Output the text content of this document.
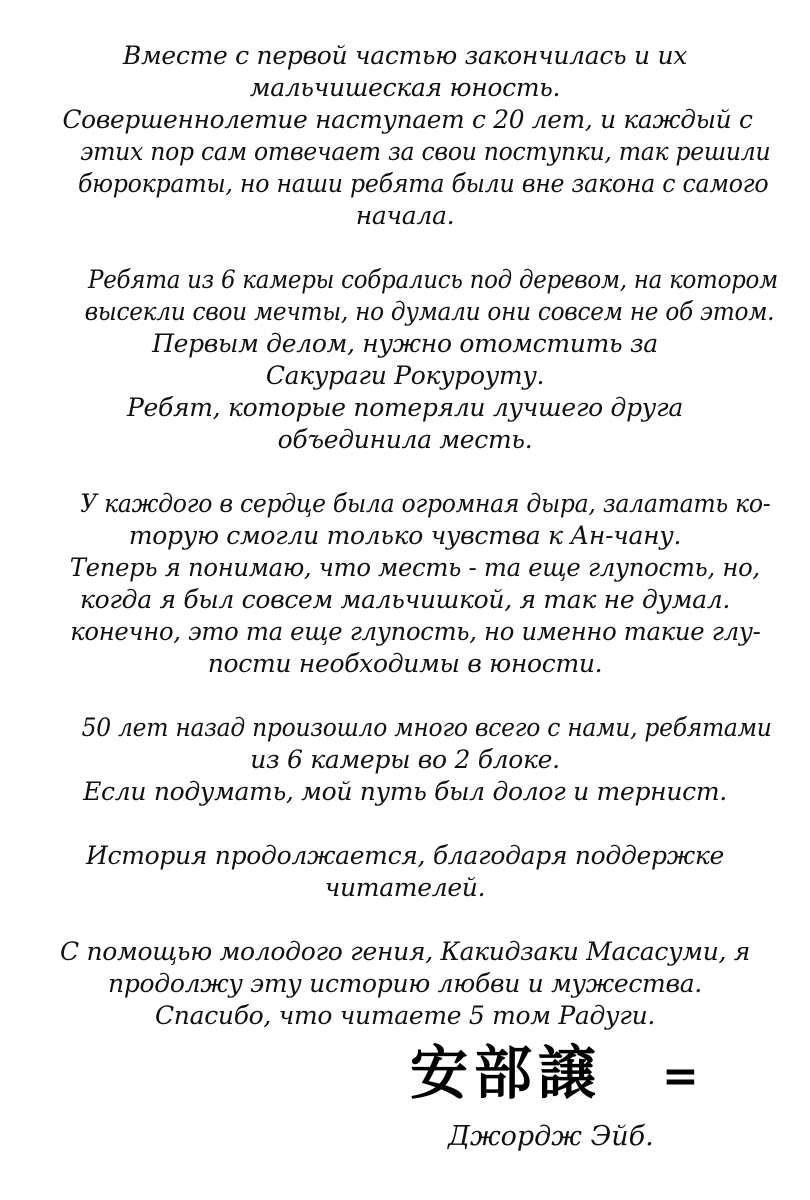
Вместе с первой частью закончилась и их
мальчишеская юность.
Совершеннолетие наступает с 20 лет, и каждый с
этих пор сам отвечает за свои поступки, так решили
бюрократы, но наши ребята были вне закона с самого
начала.

Ребята из 6 камеры собрались под деревом, на котором
высекли свои мечты, но думали они совсем не об этом.
Первым делом, нужно отомстить за
Сакураги Рокуроуту.
Ребят, которые потеряли лучшего друга
объединила месть.

У каждого в сердце была огромная дыра, залатать ко-
торую смогли только чувства к Ан-чану.
Теперь я понимаю, что месть - та еще глупость, но,
когда я был совсем мальчишкой, я так не думал.
конечно, это та еще глупость, но именно такие глу-
пости необходимы в юности.

50 лет назад произошло много всего с нами, ребятами
из 6 камеры во 2 блоке.
Если подумать, мой путь был долог и тернист.

История продолжается, благодаря поддержке
читателей.

С помощью молодого гения, Какидзаки Масасуми, я
продолжу эту историю любви и мужества.
Спасибо, что читаете 5 том Радуги.

安部譲 =
Джордж Эйб.
